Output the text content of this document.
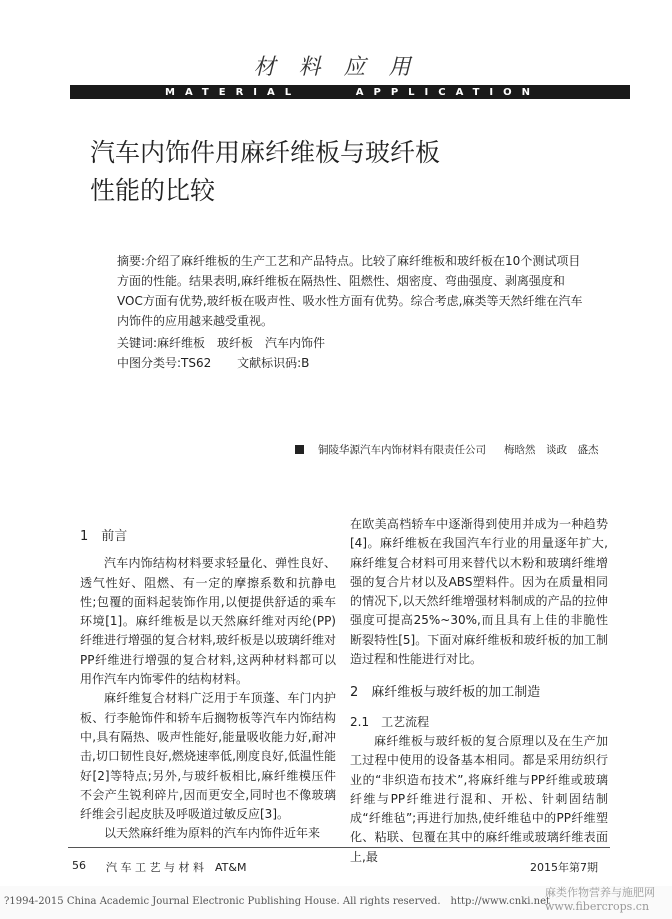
材 料 应 用
MATERIAL	APPLICATION
汽车内饰件用麻纤维板与玻纤板
性能的比较

摘要:介绍了麻纤维板的生产工艺和产品特点。比较了麻纤维板和玻纤板在10个测试项目方面的性能。结果表明,麻纤维板在隔热性、阻燃性、烟密度、弯曲强度、剥离强度和VOC方面有优势,玻纤板在吸声性、吸水性方面有优势。综合考虑,麻类等天然纤维在汽车内饰件的应用越来越受重视。

关键词:麻纤维板　玻纤板　汽车内饰件
中图分类号:TS62 文献标识码:B
铜陵华源汽车内饰材料有限责任公司 梅晗然　谈政　盛杰
1　前言

汽车内饰结构材料要求轻量化、弹性良好、透气性好、阻燃、有一定的摩擦系数和抗静电性;包覆的面料起装饰作用,以便提供舒适的乘车环境[1]。麻纤维板是以天然麻纤维对丙纶(PP)纤维进行增强的复合材料,玻纤板是以玻璃纤维对PP纤维进行增强的复合材料,这两种材料都可以用作汽车内饰零件的结构材料。

麻纤维复合材料广泛用于车顶蓬、车门内护板、行李舱饰件和轿车后搁物板等汽车内饰结构中,具有隔热、吸声性能好,能量吸收能力好,耐冲击,切口韧性良好,燃烧速率低,刚度良好,低温性能好[2]等特点;另外,与玻纤板相比,麻纤维模压件不会产生锐利碎片,因而更安全,同时也不像玻璃纤维会引起皮肤及呼吸道过敏反应[3]。

以天然麻纤维为原料的汽车内饰件近年来

在欧美高档轿车中逐渐得到使用并成为一种趋势[4]。麻纤维板在我国汽车行业的用量逐年扩大,麻纤维复合材料可用来替代以木粉和玻璃纤维增强的复合片材以及ABS塑料件。因为在质量相同的情况下,以天然纤维增强材料制成的产品的拉伸强度可提高25%~30%,而且具有上佳的非脆性断裂特性[5]。下面对麻纤维板和玻纤板的加工制造过程和性能进行对比。

2　麻纤维板与玻纤板的加工制造
2.1　工艺流程

麻纤维板与玻纤板的复合原理以及在生产加工过程中使用的设备基本相同。都是采用纺织行业的“非织造布技术”,将麻纤维与PP纤维或玻璃纤维与PP纤维进行混和、开松、针刺固结制成“纤维毡”;再进行加热,使纤维毡中的PP纤维塑化、粘联、包覆在其中的麻纤维或玻璃纤维表面上,最

56 汽 车 工 艺 与 材 料　AT&M	2015年第7期
?1994-2015 China Academic Journal Electronic Publishing House. All rights reserved.　http://www.cnki.net
麻类作物营养与施肥网
www.fibercrops.cn
